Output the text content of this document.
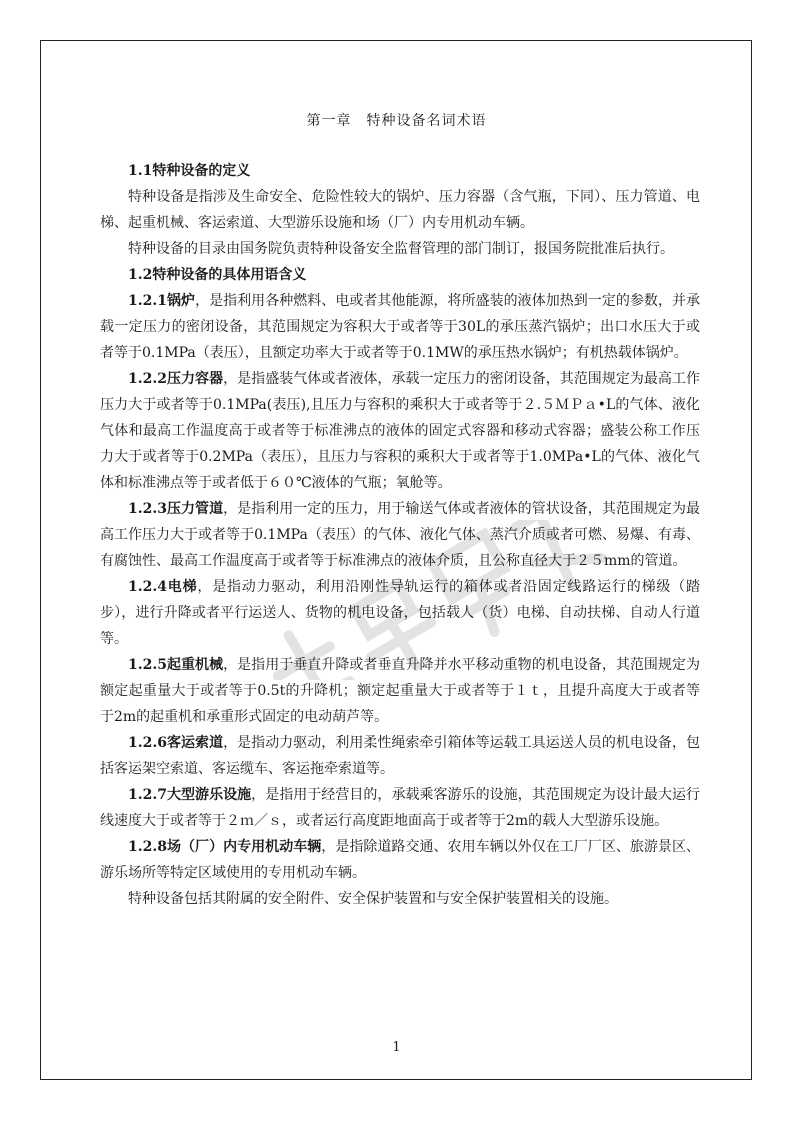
第一章　特种设备名词术语

1.1特种设备的定义

特种设备是指涉及生命安全、危险性较大的锅炉、压力容器（含气瓶，下同）、压力管道、电梯、起重机械、客运索道、大型游乐设施和场（厂）内专用机动车辆。

特种设备的目录由国务院负责特种设备安全监督管理的部门制订，报国务院批准后执行。

1.2特种设备的具体用语含义

1.2.1锅炉，是指利用各种燃料、电或者其他能源，将所盛装的液体加热到一定的参数，并承载一定压力的密闭设备，其范围规定为容积大于或者等于30L的承压蒸汽锅炉；出口水压大于或者等于0.1MPa（表压），且额定功率大于或者等于0.1MW的承压热水锅炉；有机热载体锅炉。

1.2.2压力容器，是指盛装气体或者液体，承载一定压力的密闭设备，其范围规定为最高工作压力大于或者等于0.1MPa(表压),且压力与容积的乘积大于或者等于２.５ＭＰａ•L的气体、液化气体和最高工作温度高于或者等于标准沸点的液体的固定式容器和移动式容器；盛装公称工作压力大于或者等于0.2MPa（表压），且压力与容积的乘积大于或者等于1.0MPa•L的气体、液化气体和标准沸点等于或者低于６０℃液体的气瓶；氧舱等。

1.2.3压力管道，是指利用一定的压力，用于输送气体或者液体的管状设备，其范围规定为最高工作压力大于或者等于0.1MPa（表压）的气体、液化气体、蒸汽介质或者可燃、易爆、有毒、有腐蚀性、最高工作温度高于或者等于标准沸点的液体介质，且公称直径大于２５mm的管道。

1.2.4电梯，是指动力驱动，利用沿刚性导轨运行的箱体或者沿固定线路运行的梯级（踏步），进行升降或者平行运送人、货物的机电设备，包括载人（货）电梯、自动扶梯、自动人行道等。

1.2.5起重机械，是指用于垂直升降或者垂直升降并水平移动重物的机电设备，其范围规定为额定起重量大于或者等于0.5t的升降机；额定起重量大于或者等于１ｔ，且提升高度大于或者等于2m的起重机和承重形式固定的电动葫芦等。

1.2.6客运索道，是指动力驱动，利用柔性绳索牵引箱体等运载工具运送人员的机电设备，包括客运架空索道、客运缆车、客运拖牵索道等。

1.2.7大型游乐设施，是指用于经营目的，承载乘客游乐的设施，其范围规定为设计最大运行线速度大于或者等于２ｍ／ｓ，或者运行高度距地面高于或者等于2m的载人大型游乐设施。

1.2.8场（厂）内专用机动车辆，是指除道路交通、农用车辆以外仅在工厂厂区、旅游景区、游乐场所等特定区域使用的专用机动车辆。

特种设备包括其附属的安全附件、安全保护装置和与安全保护装置相关的设施。

1
